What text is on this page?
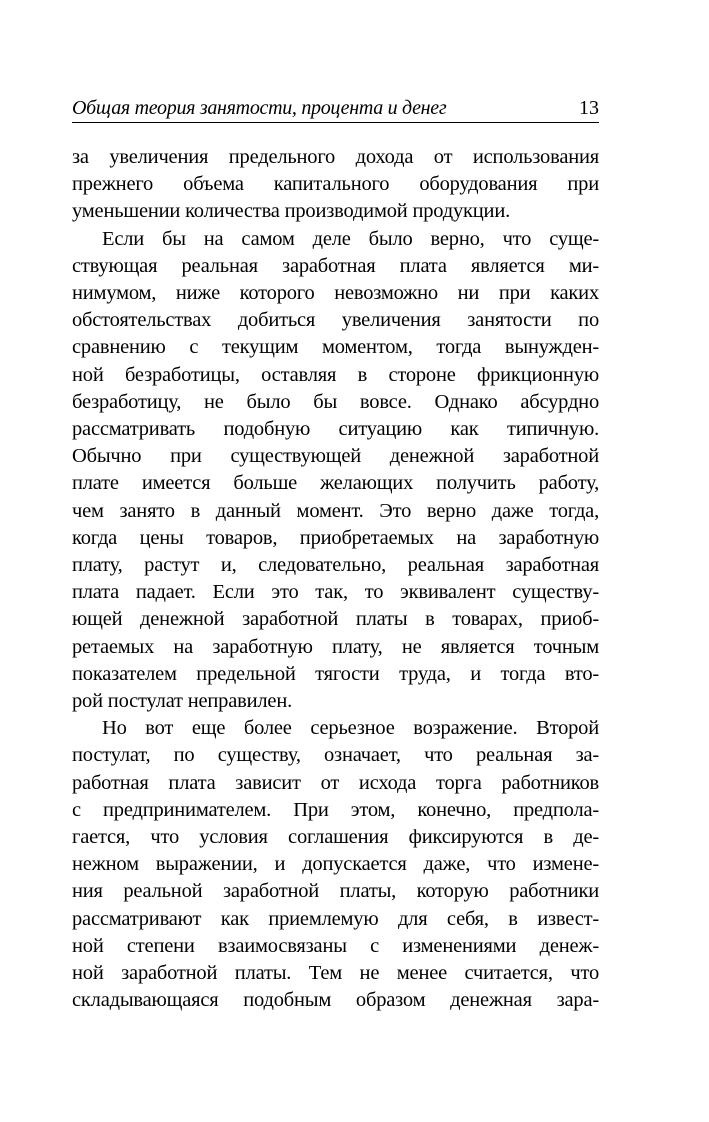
Общая теория занятости, процента и денег	13

за увеличения предельного дохода от использования

прежнего объема капитального оборудования при

уменьшении количества производимой продукции.

Если бы на самом деле было верно, что суще-

ствующая реальная заработная плата является ми-

нимумом, ниже которого невозможно ни при каких

обстоятельствах добиться увеличения занятости по

сравнению с текущим моментом, тогда вынужден-

ной безработицы, оставляя в стороне фрикционную

безработицу, не было бы вовсе. Однако абсурдно

рассматривать подобную ситуацию как типичную.

Обычно при существующей денежной заработной

плате имеется больше желающих получить работу,

чем занято в данный момент. Это верно даже тогда,

когда цены товаров, приобретаемых на заработную

плату, растут и, следовательно, реальная заработная

плата падает. Если это так, то эквивалент существу-

ющей денежной заработной платы в товарах, приоб-

ретаемых на заработную плату, не является точным

показателем предельной тягости труда, и тогда вто-

рой постулат неправилен.

Но вот еще более серьезное возражение. Второй

постулат, по существу, означает, что реальная за-

работная плата зависит от исхода торга работников

с предпринимателем. При этом, конечно, предпола-

гается, что условия соглашения фиксируются в де-

нежном выражении, и допускается даже, что измене-

ния реальной заработной платы, которую работники

рассматривают как приемлемую для себя, в извест-

ной степени взаимосвязаны с изменениями денеж-

ной заработной платы. Тем не менее считается, что

складывающаяся подобным образом денежная зара-
